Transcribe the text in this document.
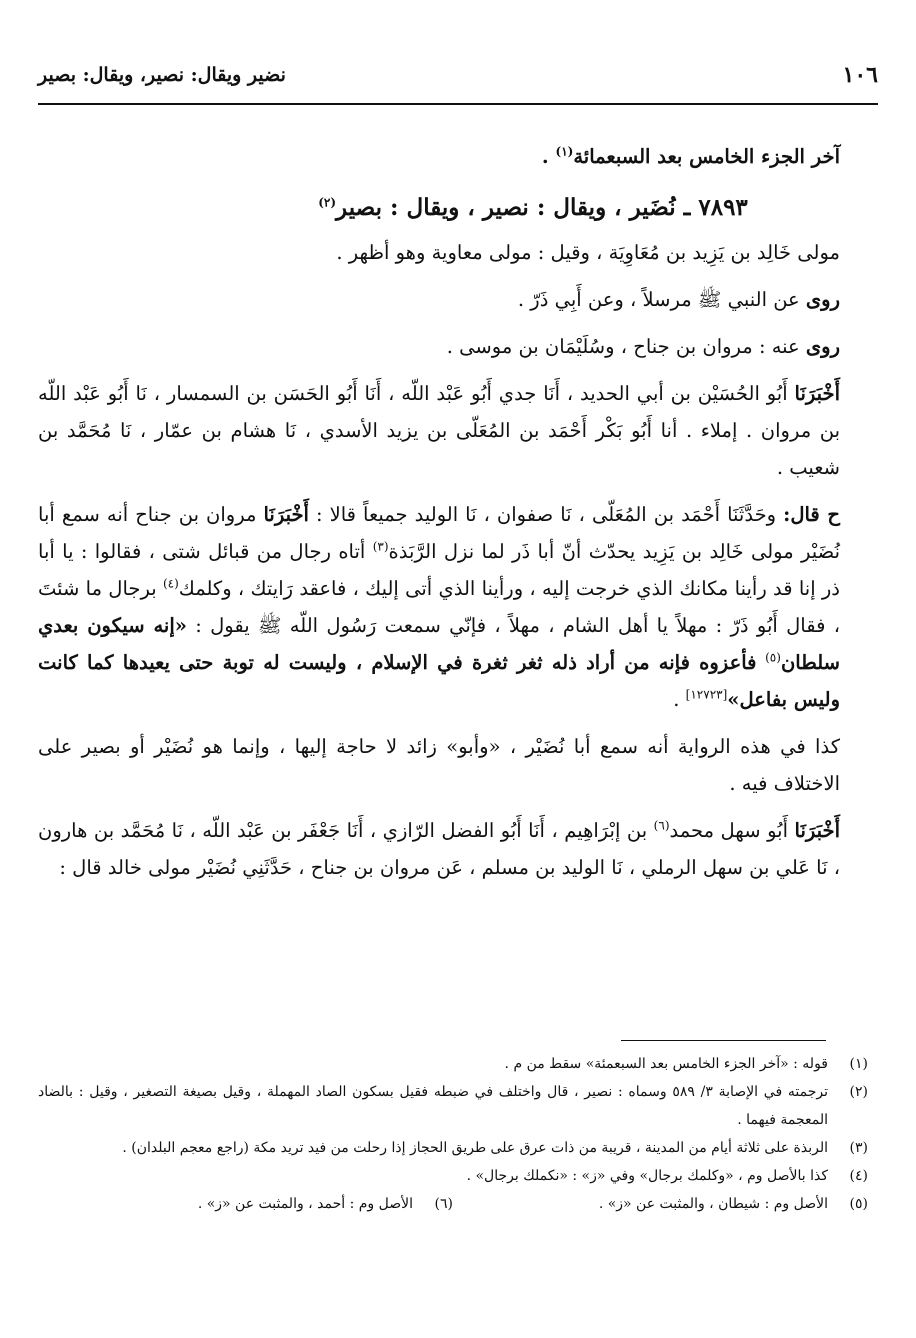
١٠٦
نضير ويقال: نصير، ويقال: بصير

آخر الجزء الخامس بعد السبعمائة$^{(١)}$ .

٧٨٩٣ ـ نُضَير ، ويقال : نصير ، ويقال : بصير$^{(٢)}$

مولى خَالِد بن يَزِيد بن مُعَاوِيَة ، وقيل : مولى معاوية وهو أظهر .

روى عن النبي ﷺ مرسلاً ، وعن أَبِي ذَرّ .

روى عنه : مروان بن جناح ، وسُلَيْمَان بن موسى .

أَخْبَرَنَا أَبُو الحُسَيْن بن أبي الحديد ، أَنَا جدي أَبُو عَبْد اللّه ، أَنَا أَبُو الحَسَن بن السمسار ، نَا أَبُو عَبْد اللّه بن مروان . إملاء . أنا أَبُو بَكْر أَحْمَد بن المُعَلّى بن يزيد الأسدي ، نَا هشام بن عمّار ، نَا مُحَمَّد بن شعيب .

ح قال: وحَدَّثَنَا أَحْمَد بن المُعَلّى ، نَا صفوان ، نَا الوليد جميعاً قالا : أَخْبَرَنَا مروان بن جناح أنه سمع أبا نُضَيْر مولى خَالِد بن يَزِيد يحدّث أنّ أبا ذَر لما نزل الرَّبَذة$^{(٣)}$ أتاه رجال من قبائل شتى ، فقالوا : يا أبا ذر إنا قد رأينا مكانك الذي خرجت إليه ، ورأينا الذي أتى إليك ، فاعقد رَايتك ، وكلمك$^{(٤)}$ برجال ما شئتَ ، فقال أَبُو ذَرّ : مهلاً يا أهل الشام ، مهلاً ، فإنّي سمعت رَسُول اللّه ﷺ يقول : «إنه سيكون بعدي سلطان$^{(٥)}$ فأعزوه فإنه من أراد ذله ثغر ثغرة في الإسلام ، وليست له توبة حتى يعيدها كما كانت وليس بفاعل»[١٢٧٢٣] .

كذا في هذه الرواية أنه سمع أبا نُضَيْر ، «وأبو» زائد لا حاجة إليها ، وإنما هو نُضَيْر أو بصير على الاختلاف فيه .

أَخْبَرَنَا أَبُو سهل محمد$^{(٦)}$ بن إبْرَاهِيم ، أَنَا أَبُو الفضل الرّازي ، أَنَا جَعْفَر بن عَبْد اللّه ، نَا مُحَمَّد بن هارون ، نَا عَلي بن سهل الرملي ، نَا الوليد بن مسلم ، عَن مروان بن جناح ، حَدَّثَنِي نُضَيْر مولى خالد قال :

(١)
قوله : «آخر الجزء الخامس بعد السبعمئة» سقط من م .
(٢)
ترجمته في الإصابة ٣/ ٥٨٩ وسماه : نصير ، قال واختلف في ضبطه فقيل بسكون الصاد المهملة ، وقيل بصيغة التصغير ، وقيل : بالضاد المعجمة فيهما .
(٣)
الربذة على ثلاثة أيام من المدينة ، قريبة من ذات عرق على طريق الحجاز إذا رحلت من فيد تريد مكة (راجع معجم البلدان) .
(٤)
كذا بالأصل وم ، «وكلمك برجال» وفي «ز» : «نكملك برجال» .
(٥)
الأصل وم : شيطان ، والمثبت عن «ز» .
(٦)
الأصل وم : أحمد ، والمثبت عن «ز» .
